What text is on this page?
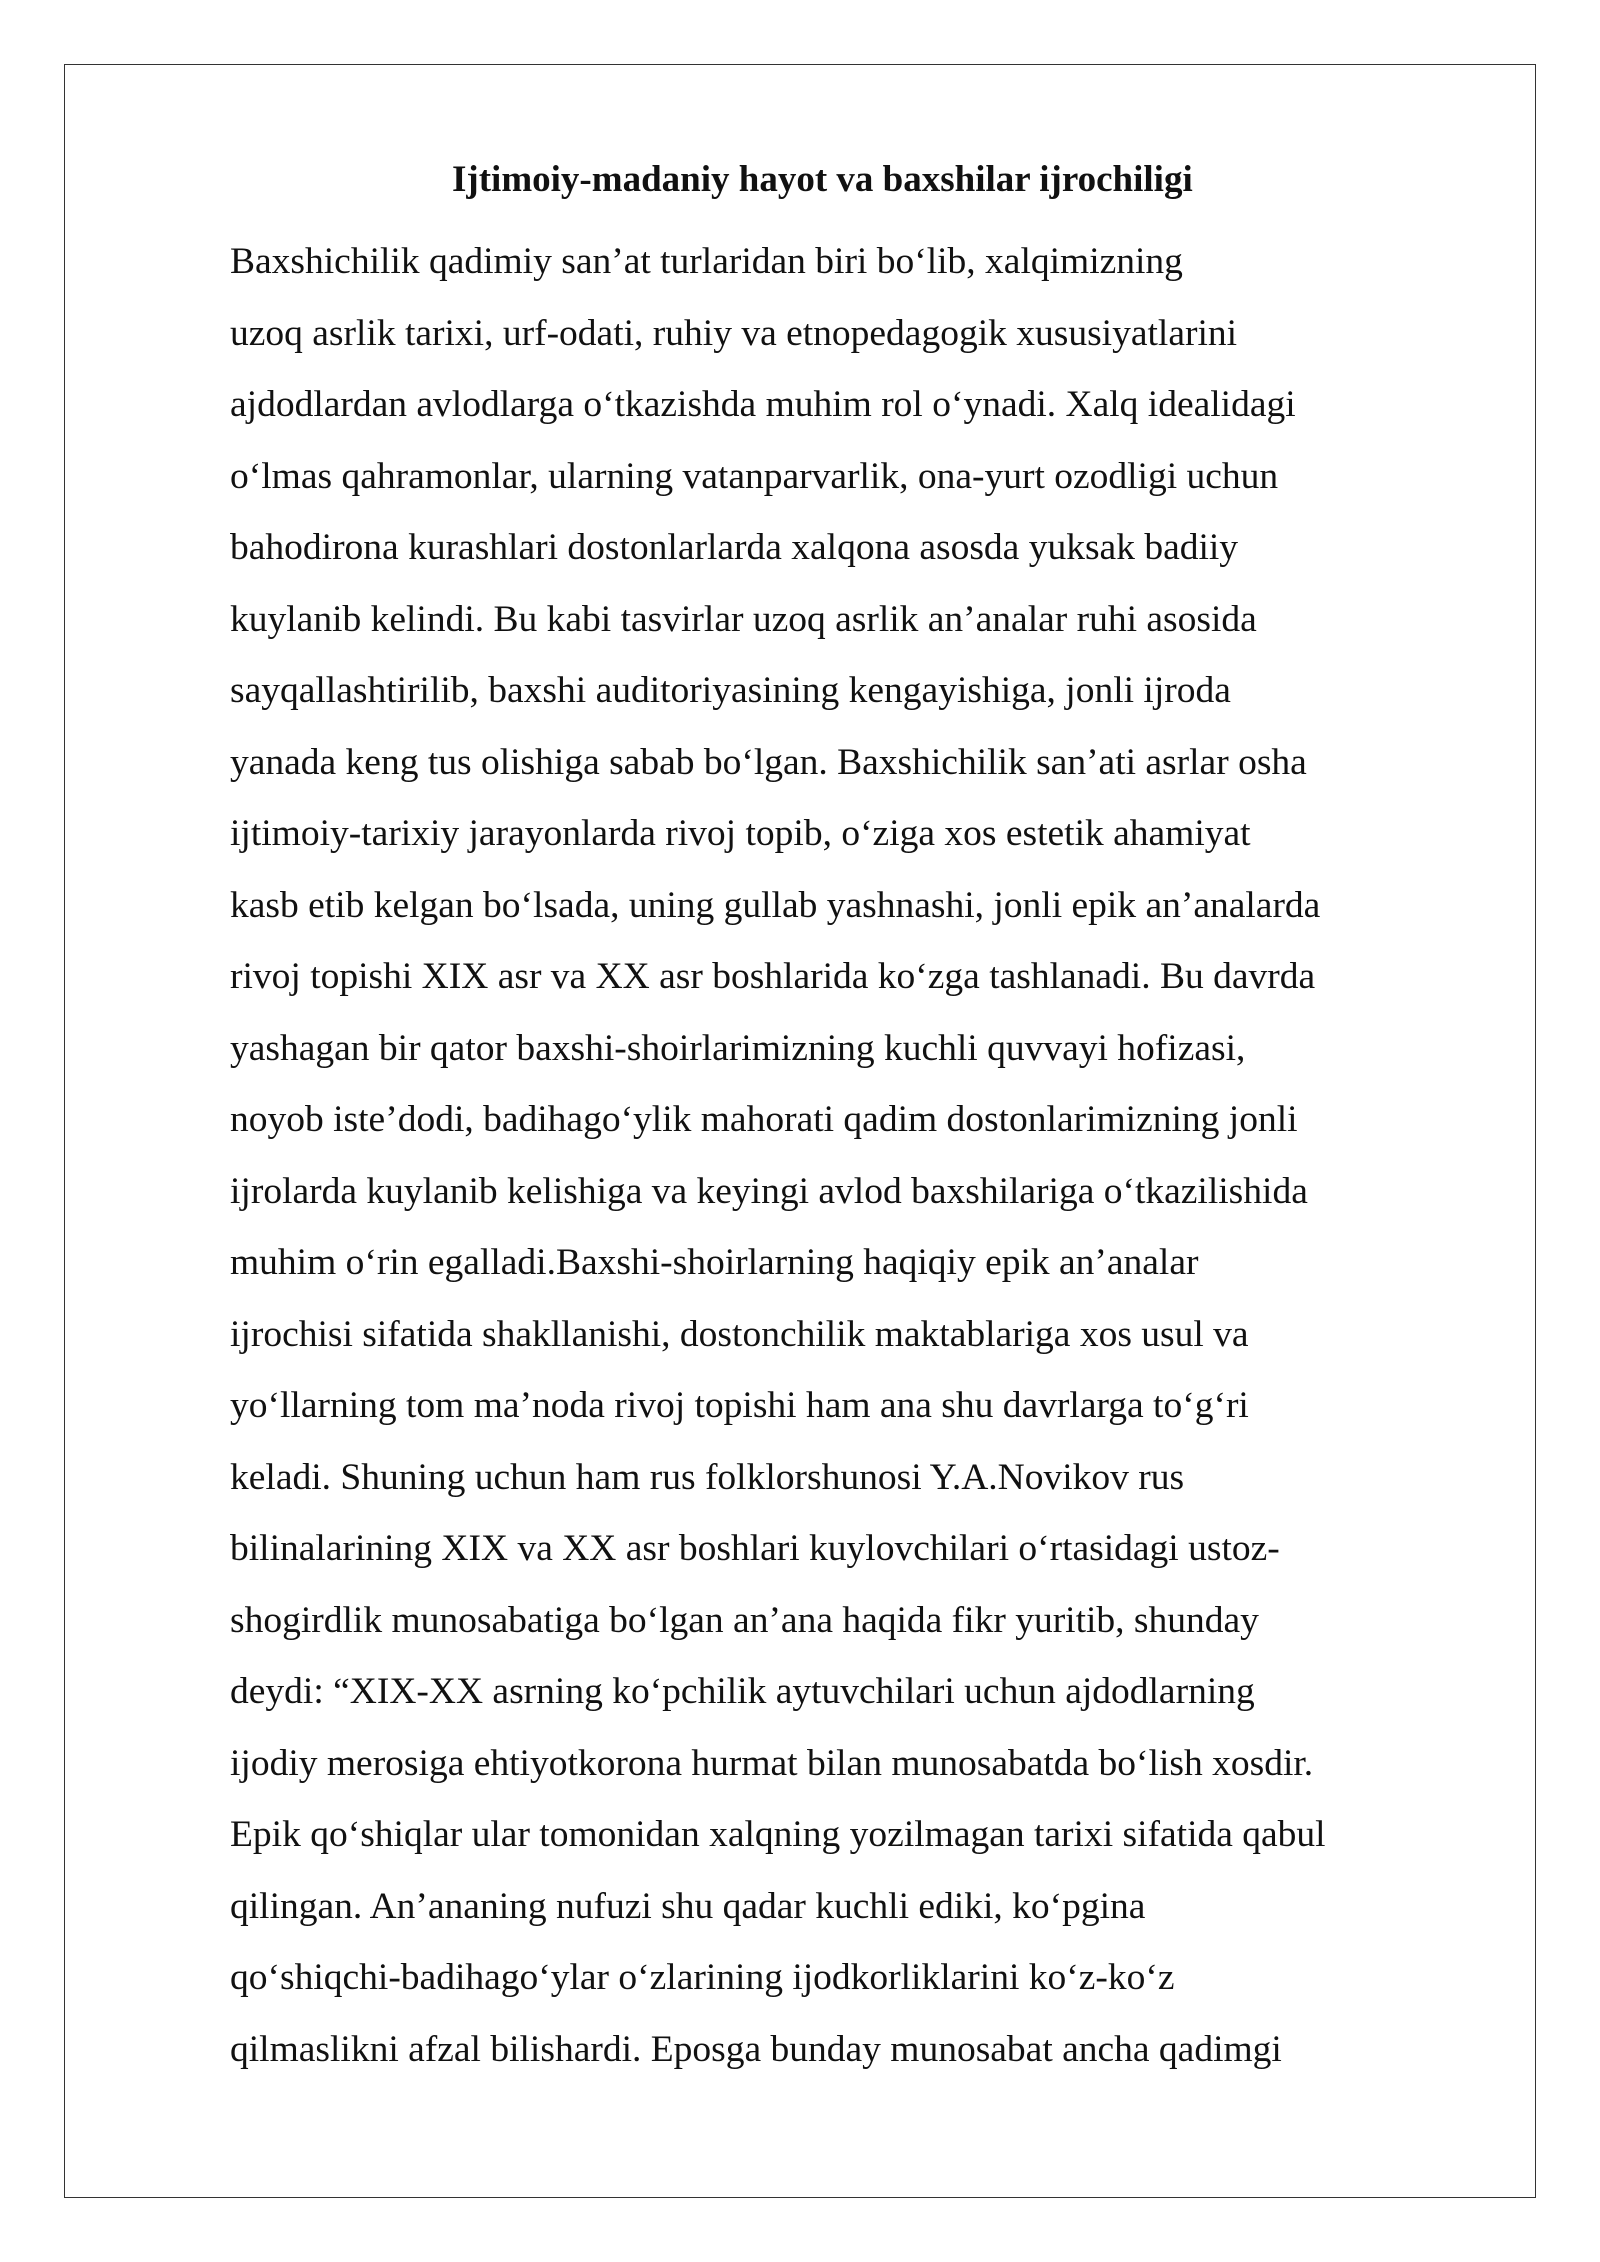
Ijtimoiy-madaniy hayot va baxshilar ijrochiligi
Baxshichilik qadimiy san’at turlaridan biri bo‘lib, xalqimizning
uzoq asrlik tarixi, urf-odati, ruhiy va etnopedagogik xususiyatlarini
ajdodlardan avlodlarga o‘tkazishda muhim rol o‘ynadi. Xalq idealidagi
o‘lmas qahramonlar, ularning vatanparvarlik, ona-yurt ozodligi uchun
bahodirona kurashlari dostonlarlarda xalqona asosda yuksak badiiy
kuylanib kelindi. Bu kabi tasvirlar uzoq asrlik an’analar ruhi asosida
sayqallashtirilib, baxshi auditoriyasining kengayishiga, jonli ijroda
yanada keng tus olishiga sabab bo‘lgan. Baxshichilik san’ati asrlar osha
ijtimoiy-tarixiy jarayonlarda rivoj topib, o‘ziga xos estetik ahamiyat
kasb etib kelgan bo‘lsada, uning gullab yashnashi, jonli epik an’analarda
rivoj topishi XIX asr va XX asr boshlarida ko‘zga tashlanadi. Bu davrda
yashagan bir qator baxshi-shoirlarimizning kuchli quvvayi hofizasi,
noyob iste’dodi, badihago‘ylik mahorati qadim dostonlarimizning jonli
ijrolarda kuylanib kelishiga va keyingi avlod baxshilariga o‘tkazilishida
muhim o‘rin egalladi.Baxshi-shoirlarning haqiqiy epik an’analar
ijrochisi sifatida shakllanishi, dostonchilik maktablariga xos usul va
yo‘llarning tom ma’noda rivoj topishi ham ana shu davrlarga to‘g‘ri
keladi. Shuning uchun ham rus folklorshunosi Y.A.Novikov rus
bilinalarining XIX va XX asr boshlari kuylovchilari o‘rtasidagi ustoz-
shogirdlik munosabatiga bo‘lgan an’ana haqida fikr yuritib, shunday
deydi: “XIX-XX asrning ko‘pchilik aytuvchilari uchun ajdodlarning
ijodiy merosiga ehtiyotkorona hurmat bilan munosabatda bo‘lish xosdir.
Epik qo‘shiqlar ular tomonidan xalqning yozilmagan tarixi sifatida qabul
qilingan. An’ananing nufuzi shu qadar kuchli ediki, ko‘pgina
qo‘shiqchi-badihago‘ylar o‘zlarining ijodkorliklarini ko‘z-ko‘z
qilmaslikni afzal bilishardi. Eposga bunday munosabat ancha qadimgi
